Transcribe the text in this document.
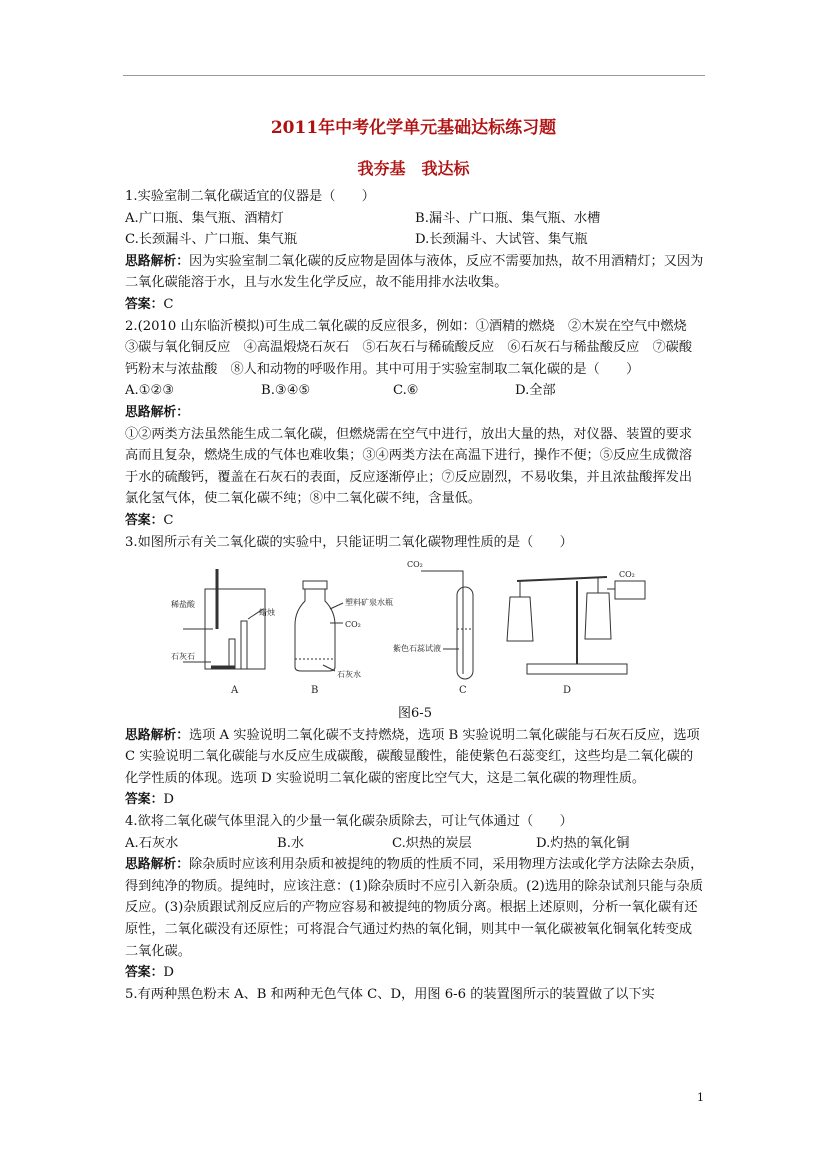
2011年中考化学单元基础达标练习题
我夯基　我达标

1.实验室制二氧化碳适宜的仪器是（　　）

A.广口瓶、集气瓶、酒精灯	B.漏斗、广口瓶、集气瓶、水槽
C.长颈漏斗、广口瓶、集气瓶	D.长颈漏斗、大试管、集气瓶

思路解析：因为实验室制二氧化碳的反应物是固体与液体，反应不需要加热，故不用酒精灯；又因为二氧化碳能溶于水，且与水发生化学反应，故不能用排水法收集。

答案：C

2.(2010 山东临沂模拟)可生成二氧化碳的反应很多，例如：①酒精的燃烧　②木炭在空气中燃烧　③碳与氧化铜反应　④高温煅烧石灰石　⑤石灰石与稀硫酸反应　⑥石灰石与稀盐酸反应　⑦碳酸钙粉末与浓盐酸　⑧人和动物的呼吸作用。其中可用于实验室制取二氧化碳的是（　　）

A.①②③	B.③④⑤	C.⑥	D.全部

思路解析：

①②两类方法虽然能生成二氧化碳，但燃烧需在空气中进行，放出大量的热，对仪器、装置的要求高而且复杂，燃烧生成的气体也难收集；③④两类方法在高温下进行，操作不便；⑤反应生成微溶于水的硫酸钙，覆盖在石灰石的表面，反应逐渐停止；⑦反应剧烈，不易收集，并且浓盐酸挥发出氯化氢气体，使二氧化碳不纯；⑧中二氧化碳不纯，含量低。

答案：C

3.如图所示有关二氧化碳的实验中，只能证明二氧化碳物理性质的是（　　）

稀盐酸
蜡烛
石灰石
塑料矿泉水瓶
CO₂
石灰水
CO₂
紫色石蕊试液
CO₂
A	B	C	D

图6-5

思路解析：选项 A 实验说明二氧化碳不支持燃烧，选项 B 实验说明二氧化碳能与石灰石反应，选项 C 实验说明二氧化碳能与水反应生成碳酸，碳酸显酸性，能使紫色石蕊变红，这些均是二氧化碳的化学性质的体现。选项 D 实验说明二氧化碳的密度比空气大，这是二氧化碳的物理性质。

答案：D

4.欲将二氧化碳气体里混入的少量一氧化碳杂质除去，可让气体通过（　　）

A.石灰水	B.水	C.炽热的炭层	D.灼热的氧化铜

思路解析：除杂质时应该利用杂质和被提纯的物质的性质不同，采用物理方法或化学方法除去杂质，得到纯净的物质。提纯时，应该注意：(1)除杂质时不应引入新杂质。(2)选用的除杂试剂只能与杂质反应。(3)杂质跟试剂反应后的产物应容易和被提纯的物质分离。根据上述原则，分析一氧化碳有还原性，二氧化碳没有还原性；可将混合气通过灼热的氧化铜，则其中一氧化碳被氧化铜氧化转变成二氧化碳。

答案：D

5.有两种黑色粉末 A、B 和两种无色气体 C、D，用图 6-6 的装置图所示的装置做了以下实

1
